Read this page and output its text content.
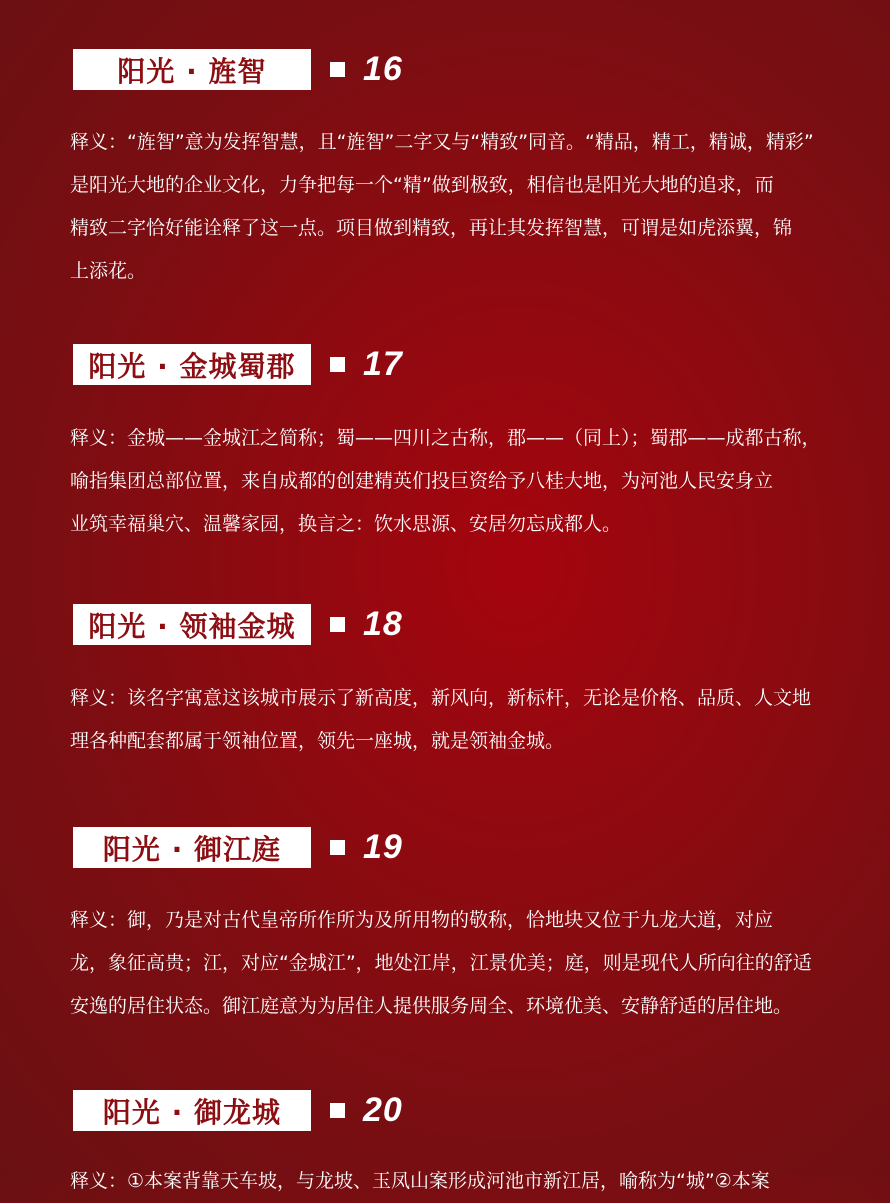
阳光 · 旌智	16
释义：“旌智”意为发挥智慧，且“旌智”二字又与“精致”同音。“精品，精工，精诚，精彩”
是阳光大地的企业文化，力争把每一个“精”做到极致，相信也是阳光大地的追求，而
精致二字恰好能诠释了这一点。项目做到精致，再让其发挥智慧，可谓是如虎添翼，锦
上添花。
阳光 · 金城蜀郡	17
释义：金城——金城江之简称；蜀——四川之古称，郡——（同上）；蜀郡——成都古称，
喻指集团总部位置，来自成都的创建精英们投巨资给予八桂大地，为河池人民安身立
业筑幸福巢穴、温馨家园，换言之：饮水思源、安居勿忘成都人。
阳光 · 领袖金城	18
释义：该名字寓意这该城市展示了新高度，新风向，新标杆，无论是价格、品质、人文地
理各种配套都属于领袖位置，领先一座城，就是领袖金城。
阳光 · 御江庭	19
释义：御，乃是对古代皇帝所作所为及所用物的敬称，恰地块又位于九龙大道，对应
龙，象征高贵；江，对应“金城江”，地处江岸，江景优美；庭，则是现代人所向往的舒适
安逸的居住状态。御江庭意为为居住人提供服务周全、环境优美、安静舒适的居住地。
阳光 · 御龙城	20
释义：①本案背靠天车坡，与龙坡、玉凤山案形成河池市新江居，喻称为“城”②本案
